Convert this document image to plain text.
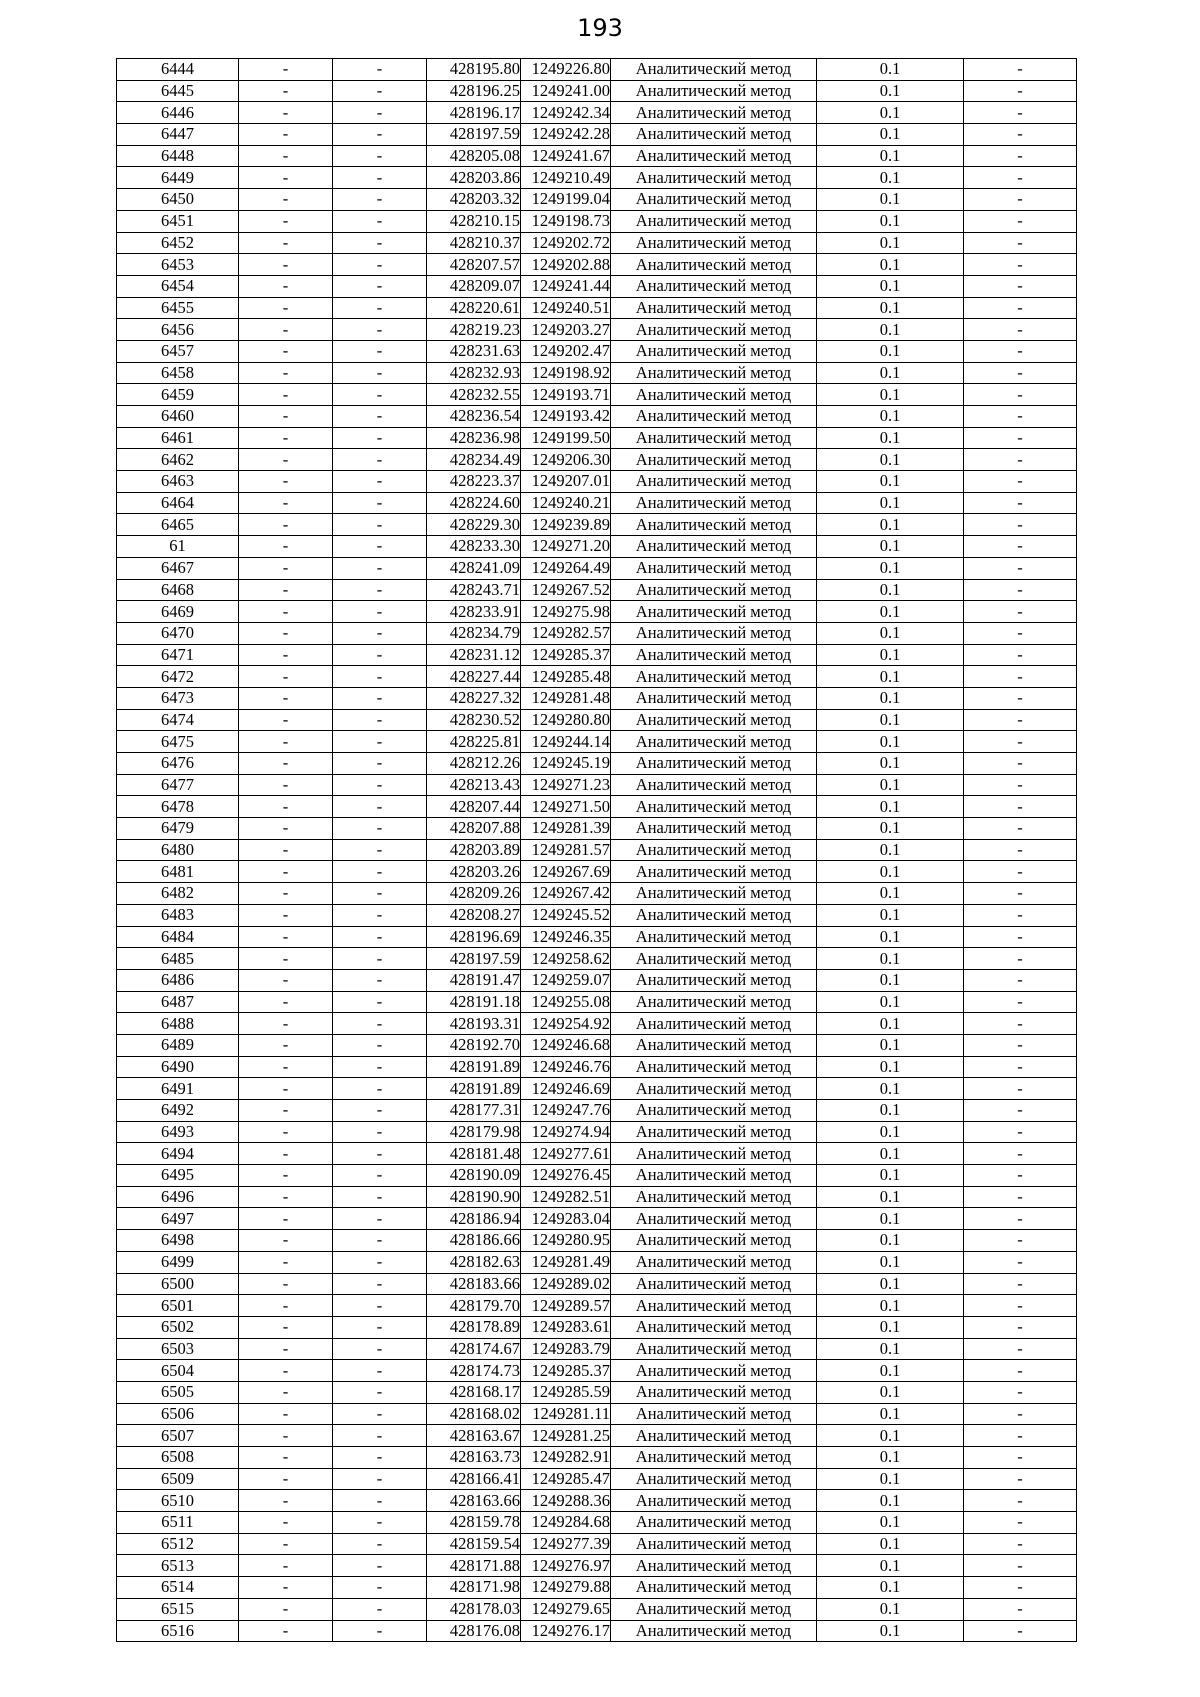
193
6444	-	-	428195.80	1249226.80	Аналитический метод	0.1	-
6445	-	-	428196.25	1249241.00	Аналитический метод	0.1	-
6446	-	-	428196.17	1249242.34	Аналитический метод	0.1	-
6447	-	-	428197.59	1249242.28	Аналитический метод	0.1	-
6448	-	-	428205.08	1249241.67	Аналитический метод	0.1	-
6449	-	-	428203.86	1249210.49	Аналитический метод	0.1	-
6450	-	-	428203.32	1249199.04	Аналитический метод	0.1	-
6451	-	-	428210.15	1249198.73	Аналитический метод	0.1	-
6452	-	-	428210.37	1249202.72	Аналитический метод	0.1	-
6453	-	-	428207.57	1249202.88	Аналитический метод	0.1	-
6454	-	-	428209.07	1249241.44	Аналитический метод	0.1	-
6455	-	-	428220.61	1249240.51	Аналитический метод	0.1	-
6456	-	-	428219.23	1249203.27	Аналитический метод	0.1	-
6457	-	-	428231.63	1249202.47	Аналитический метод	0.1	-
6458	-	-	428232.93	1249198.92	Аналитический метод	0.1	-
6459	-	-	428232.55	1249193.71	Аналитический метод	0.1	-
6460	-	-	428236.54	1249193.42	Аналитический метод	0.1	-
6461	-	-	428236.98	1249199.50	Аналитический метод	0.1	-
6462	-	-	428234.49	1249206.30	Аналитический метод	0.1	-
6463	-	-	428223.37	1249207.01	Аналитический метод	0.1	-
6464	-	-	428224.60	1249240.21	Аналитический метод	0.1	-
6465	-	-	428229.30	1249239.89	Аналитический метод	0.1	-
61	-	-	428233.30	1249271.20	Аналитический метод	0.1	-
6467	-	-	428241.09	1249264.49	Аналитический метод	0.1	-
6468	-	-	428243.71	1249267.52	Аналитический метод	0.1	-
6469	-	-	428233.91	1249275.98	Аналитический метод	0.1	-
6470	-	-	428234.79	1249282.57	Аналитический метод	0.1	-
6471	-	-	428231.12	1249285.37	Аналитический метод	0.1	-
6472	-	-	428227.44	1249285.48	Аналитический метод	0.1	-
6473	-	-	428227.32	1249281.48	Аналитический метод	0.1	-
6474	-	-	428230.52	1249280.80	Аналитический метод	0.1	-
6475	-	-	428225.81	1249244.14	Аналитический метод	0.1	-
6476	-	-	428212.26	1249245.19	Аналитический метод	0.1	-
6477	-	-	428213.43	1249271.23	Аналитический метод	0.1	-
6478	-	-	428207.44	1249271.50	Аналитический метод	0.1	-
6479	-	-	428207.88	1249281.39	Аналитический метод	0.1	-
6480	-	-	428203.89	1249281.57	Аналитический метод	0.1	-
6481	-	-	428203.26	1249267.69	Аналитический метод	0.1	-
6482	-	-	428209.26	1249267.42	Аналитический метод	0.1	-
6483	-	-	428208.27	1249245.52	Аналитический метод	0.1	-
6484	-	-	428196.69	1249246.35	Аналитический метод	0.1	-
6485	-	-	428197.59	1249258.62	Аналитический метод	0.1	-
6486	-	-	428191.47	1249259.07	Аналитический метод	0.1	-
6487	-	-	428191.18	1249255.08	Аналитический метод	0.1	-
6488	-	-	428193.31	1249254.92	Аналитический метод	0.1	-
6489	-	-	428192.70	1249246.68	Аналитический метод	0.1	-
6490	-	-	428191.89	1249246.76	Аналитический метод	0.1	-
6491	-	-	428191.89	1249246.69	Аналитический метод	0.1	-
6492	-	-	428177.31	1249247.76	Аналитический метод	0.1	-
6493	-	-	428179.98	1249274.94	Аналитический метод	0.1	-
6494	-	-	428181.48	1249277.61	Аналитический метод	0.1	-
6495	-	-	428190.09	1249276.45	Аналитический метод	0.1	-
6496	-	-	428190.90	1249282.51	Аналитический метод	0.1	-
6497	-	-	428186.94	1249283.04	Аналитический метод	0.1	-
6498	-	-	428186.66	1249280.95	Аналитический метод	0.1	-
6499	-	-	428182.63	1249281.49	Аналитический метод	0.1	-
6500	-	-	428183.66	1249289.02	Аналитический метод	0.1	-
6501	-	-	428179.70	1249289.57	Аналитический метод	0.1	-
6502	-	-	428178.89	1249283.61	Аналитический метод	0.1	-
6503	-	-	428174.67	1249283.79	Аналитический метод	0.1	-
6504	-	-	428174.73	1249285.37	Аналитический метод	0.1	-
6505	-	-	428168.17	1249285.59	Аналитический метод	0.1	-
6506	-	-	428168.02	1249281.11	Аналитический метод	0.1	-
6507	-	-	428163.67	1249281.25	Аналитический метод	0.1	-
6508	-	-	428163.73	1249282.91	Аналитический метод	0.1	-
6509	-	-	428166.41	1249285.47	Аналитический метод	0.1	-
6510	-	-	428163.66	1249288.36	Аналитический метод	0.1	-
6511	-	-	428159.78	1249284.68	Аналитический метод	0.1	-
6512	-	-	428159.54	1249277.39	Аналитический метод	0.1	-
6513	-	-	428171.88	1249276.97	Аналитический метод	0.1	-
6514	-	-	428171.98	1249279.88	Аналитический метод	0.1	-
6515	-	-	428178.03	1249279.65	Аналитический метод	0.1	-
6516	-	-	428176.08	1249276.17	Аналитический метод	0.1	-
